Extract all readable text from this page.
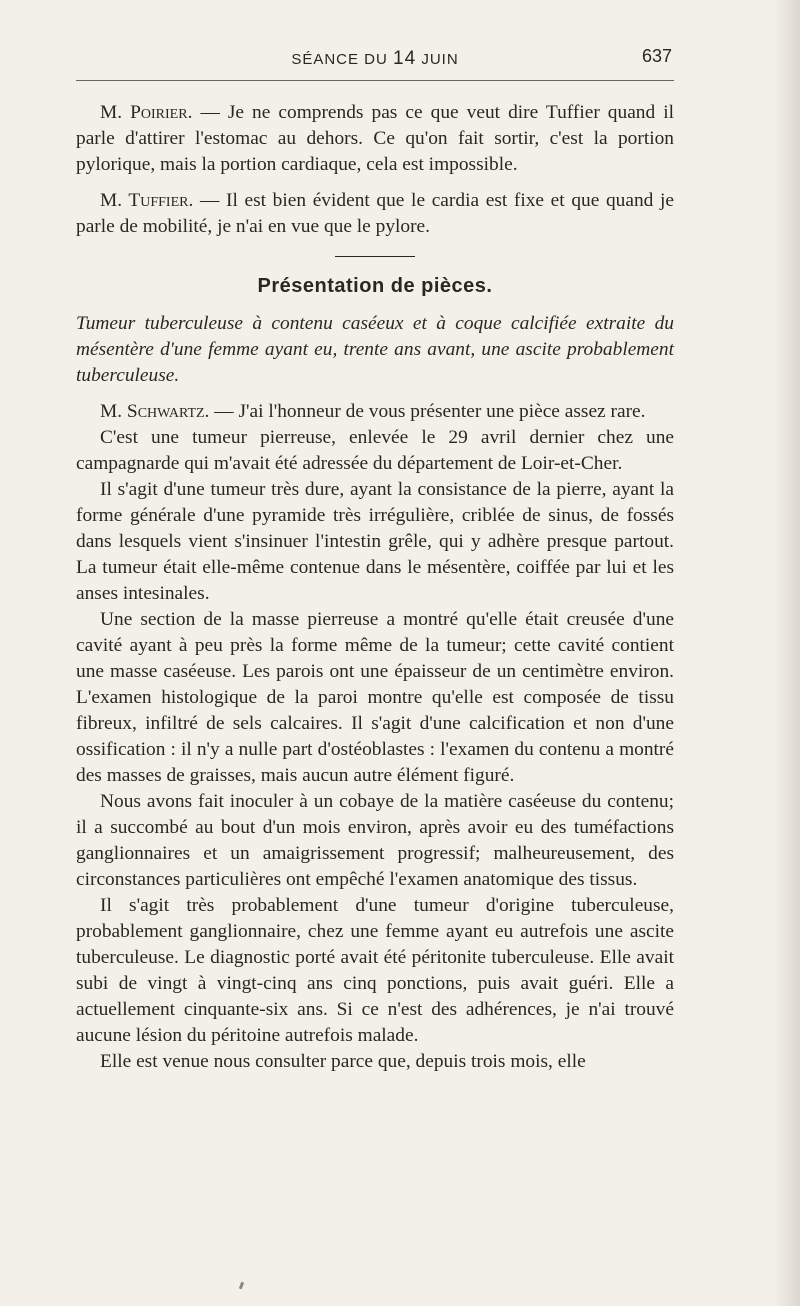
SÉANCE DU 14 JUIN	637

M. Poirier. — Je ne comprends pas ce que veut dire Tuffier quand il parle d'attirer l'estomac au dehors. Ce qu'on fait sortir, c'est la portion pylorique, mais la portion cardiaque, cela est impossible.

M. Tuffier. — Il est bien évident que le cardia est fixe et que quand je parle de mobilité, je n'ai en vue que le pylore.

Présentation de pièces.

Tumeur tuberculeuse à contenu caséeux et à coque calcifiée extraite du mésentère d'une femme ayant eu, trente ans avant, une ascite probablement tuberculeuse.

M. Schwartz. — J'ai l'honneur de vous présenter une pièce assez rare.

C'est une tumeur pierreuse, enlevée le 29 avril dernier chez une campagnarde qui m'avait été adressée du département de Loir-et-Cher.

Il s'agit d'une tumeur très dure, ayant la consistance de la pierre, ayant la forme générale d'une pyramide très irrégulière, criblée de sinus, de fossés dans lesquels vient s'insinuer l'intestin grêle, qui y adhère presque partout. La tumeur était elle-même contenue dans le mésentère, coiffée par lui et les anses intesinales.

Une section de la masse pierreuse a montré qu'elle était creusée d'une cavité ayant à peu près la forme même de la tumeur; cette cavité contient une masse caséeuse. Les parois ont une épaisseur de un centimètre environ. L'examen histologique de la paroi montre qu'elle est composée de tissu fibreux, infiltré de sels calcaires. Il s'agit d'une calcification et non d'une ossification : il n'y a nulle part d'ostéoblastes : l'examen du contenu a montré des masses de graisses, mais aucun autre élément figuré.

Nous avons fait inoculer à un cobaye de la matière caséeuse du contenu; il a succombé au bout d'un mois environ, après avoir eu des tuméfactions ganglionnaires et un amaigrissement progressif; malheureusement, des circonstances particulières ont empêché l'examen anatomique des tissus.

Il s'agit très probablement d'une tumeur d'origine tuberculeuse, probablement ganglionnaire, chez une femme ayant eu autrefois une ascite tuberculeuse. Le diagnostic porté avait été péritonite tuberculeuse. Elle avait subi de vingt à vingt-cinq ans cinq ponctions, puis avait guéri. Elle a actuellement cinquante-six ans. Si ce n'est des adhérences, je n'ai trouvé aucune lésion du péritoine autrefois malade.

Elle est venue nous consulter parce que, depuis trois mois, elle
